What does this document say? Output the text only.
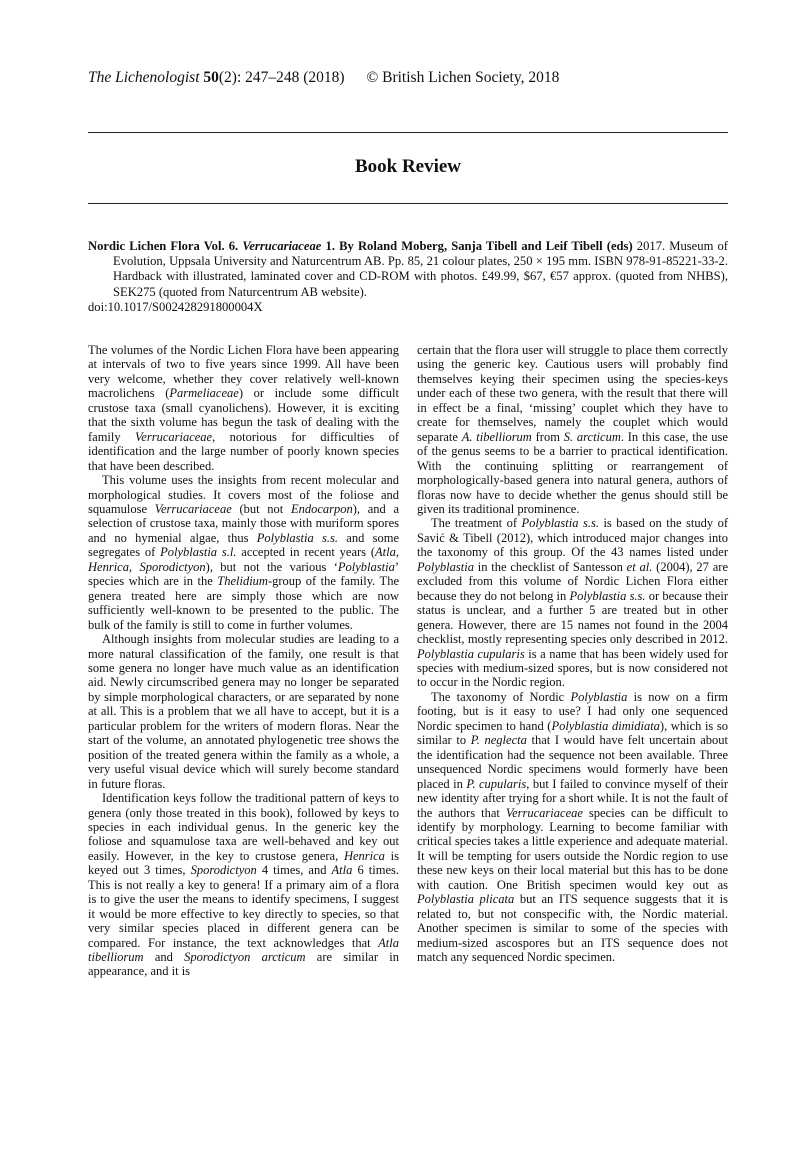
The Lichenologist 50(2): 247–248 (2018) © British Lichen Society, 2018
Book Review
Nordic Lichen Flora Vol. 6. Verrucariaceae 1. By Roland Moberg, Sanja Tibell and Leif Tibell (eds) 2017. Museum of Evolution, Uppsala University and Naturcentrum AB. Pp. 85, 21 colour plates, 250 × 195 mm. ISBN 978-91-85221-33-2. Hardback with illustrated, laminated cover and CD-ROM with photos. £49.99, $67, €57 approx. (quoted from NHBS), SEK275 (quoted from Naturcentrum AB website).
doi:10.1017/S002428291800004X

The volumes of the Nordic Lichen Flora have been appearing at intervals of two to five years since 1999. All have been very welcome, whether they cover relatively well-known macrolichens (Parmeliaceae) or include some difficult crustose taxa (small cyanolichens). However, it is exciting that the sixth volume has begun the task of dealing with the family Verrucariaceae, notorious for difficulties of identification and the large number of poorly known species that have been described.

This volume uses the insights from recent molecular and morphological studies. It covers most of the foliose and squamulose Verrucariaceae (but not Endocarpon), and a selection of crustose taxa, mainly those with muriform spores and no hymenial algae, thus Polyblastia s.s. and some segregates of Polyblastia s.l. accepted in recent years (Atla, Henrica, Sporodictyon), but not the various ‘Polyblastia’ species which are in the Thelidium-group of the family. The genera treated here are simply those which are now sufficiently well-known to be presented to the public. The bulk of the family is still to come in further volumes.

Although insights from molecular studies are leading to a more natural classification of the family, one result is that some genera no longer have much value as an identification aid. Newly circumscribed genera may no longer be separated by simple morphological characters, or are separated by none at all. This is a problem that we all have to accept, but it is a particular problem for the writers of modern floras. Near the start of the volume, an annotated phylogenetic tree shows the position of the treated genera within the family as a whole, a very useful visual device which will surely become standard in future floras.

Identification keys follow the traditional pattern of keys to genera (only those treated in this book), followed by keys to species in each individual genus. In the generic key the foliose and squamulose taxa are well-behaved and key out easily. However, in the key to crustose genera, Henrica is keyed out 3 times, Sporodictyon 4 times, and Atla 6 times. This is not really a key to genera! If a primary aim of a flora is to give the user the means to identify specimens, I suggest it would be more effective to key directly to species, so that very similar species placed in different genera can be compared. For instance, the text acknowledges that Atla tibelliorum and Sporodictyon arcticum are similar in appearance, and it is

certain that the flora user will struggle to place them correctly using the generic key. Cautious users will probably find themselves keying their specimen using the species-keys under each of these two genera, with the result that there will in effect be a final, ‘missing’ couplet which they have to create for themselves, namely the couplet which would separate A. tibelliorum from S. arcticum. In this case, the use of the genus seems to be a barrier to practical identification. With the continuing splitting or rearrangement of morphologically-based genera into natural genera, authors of floras now have to decide whether the genus should still be given its traditional prominence.

The treatment of Polyblastia s.s. is based on the study of Savić & Tibell (2012), which introduced major changes into the taxonomy of this group. Of the 43 names listed under Polyblastia in the checklist of Santesson et al. (2004), 27 are excluded from this volume of Nordic Lichen Flora either because they do not belong in Polyblastia s.s. or because their status is unclear, and a further 5 are treated but in other genera. However, there are 15 names not found in the 2004 checklist, mostly representing species only described in 2012. Polyblastia cupularis is a name that has been widely used for species with medium-sized spores, but is now considered not to occur in the Nordic region.

The taxonomy of Nordic Polyblastia is now on a firm footing, but is it easy to use? I had only one sequenced Nordic specimen to hand (Polyblastia dimidiata), which is so similar to P. neglecta that I would have felt uncertain about the identification had the sequence not been available. Three unsequenced Nordic specimens would formerly have been placed in P. cupularis, but I failed to convince myself of their new identity after trying for a short while. It is not the fault of the authors that Verrucariaceae species can be difficult to identify by morphology. Learning to become familiar with critical species takes a little experience and adequate material. It will be tempting for users outside the Nordic region to use these new keys on their local material but this has to be done with caution. One British specimen would key out as Polyblastia plicata but an ITS sequence suggests that it is related to, but not conspecific with, the Nordic material. Another specimen is similar to some of the species with medium-sized ascospores but an ITS sequence does not match any sequenced Nordic specimen.
